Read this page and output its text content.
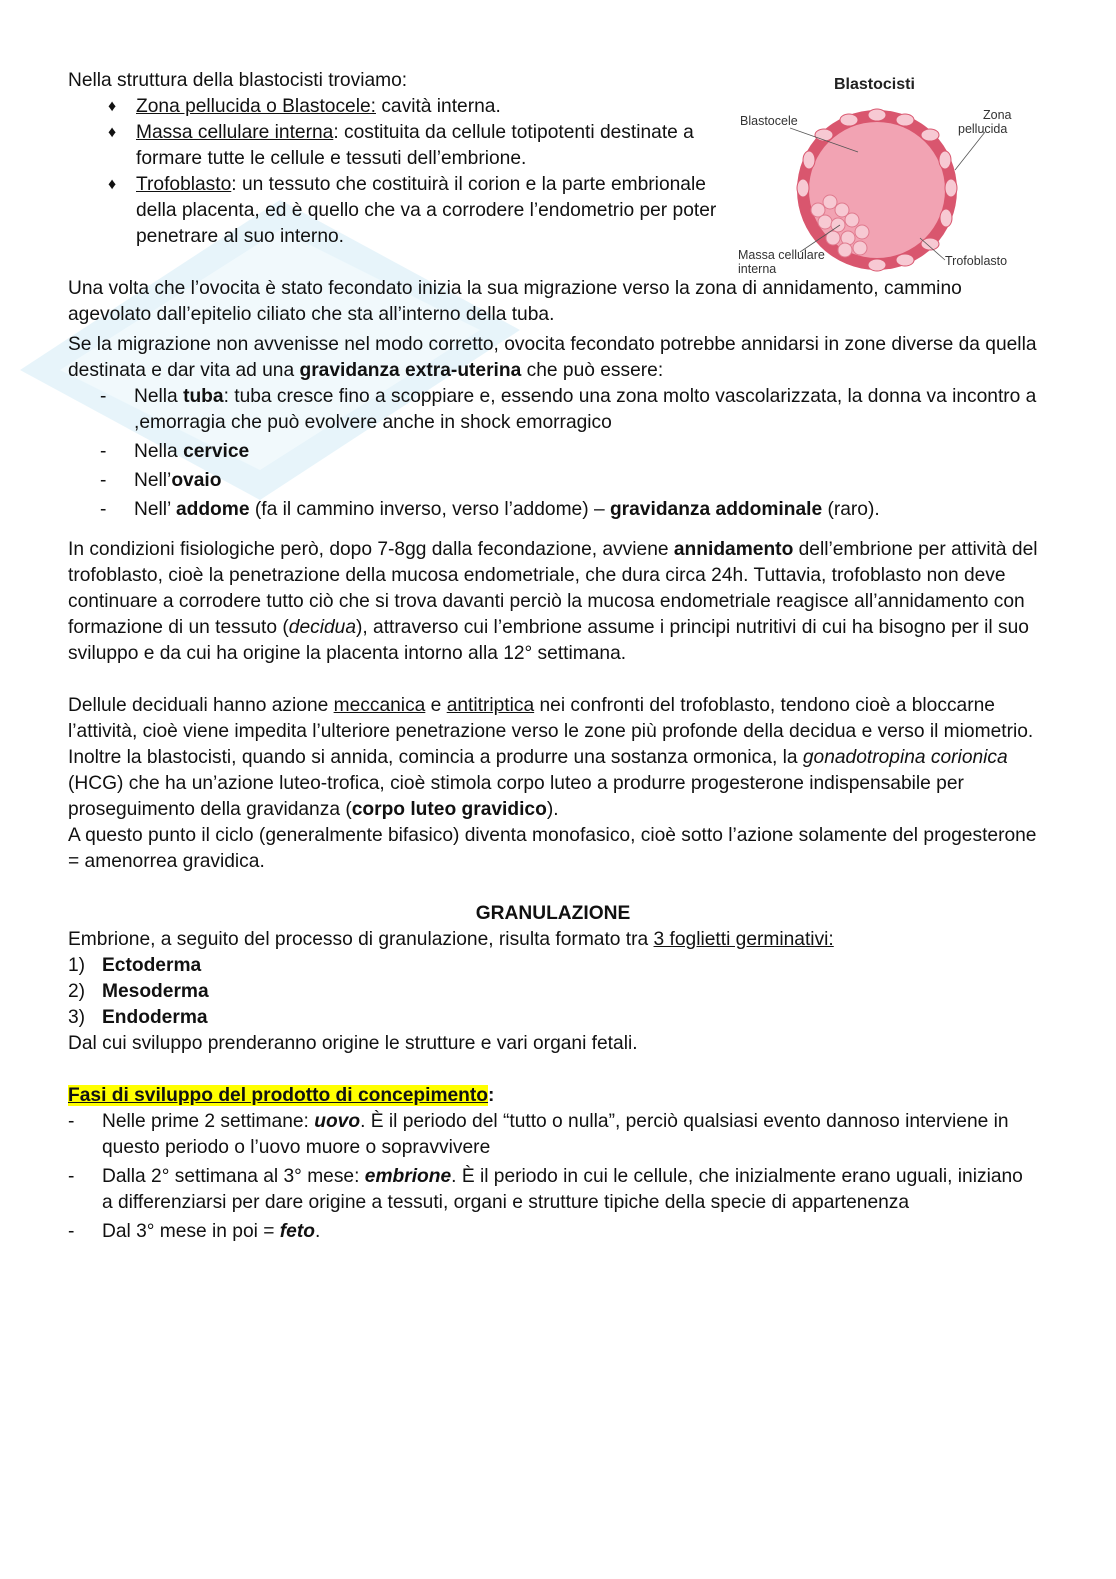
Blastocisti
Blastocele	Zona
pellucida
Massa cellulare
interna
Trofoblasto

Nella struttura della blastocisti troviamo:

♦ Zona pellucida o Blastocele: cavità interna.
♦ Massa cellulare interna: costituita da cellule totipotenti destinate a formare tutte le cellule e tessuti dell’embrione.
♦ Trofoblasto: un tessuto che costituirà il corion e la parte embrionale della placenta, ed è quello che va a corrodere l’endometrio per poter penetrare al suo interno.

Una volta che l’ovocita è stato fecondato inizia la sua migrazione verso la zona di annidamento, cammino agevolato dall’epitelio ciliato che sta all’interno della tuba.

Se la migrazione non avvenisse nel modo corretto, ovocita fecondato potrebbe annidarsi in zone diverse da quella destinata e dar vita ad una gravidanza extra-uterina che può essere:

- Nella tuba: tuba cresce fino a scoppiare e, essendo una zona molto vascolarizzata, la donna va incontro a ,emorragia che può evolvere anche in shock emorragico
- Nella cervice
- Nell’ovaio
- Nell’ addome (fa il cammino inverso, verso l’addome) – gravidanza addominale (raro).

In condizioni fisiologiche però, dopo 7-8gg dalla fecondazione, avviene annidamento dell’embrione per attività del trofoblasto, cioè la penetrazione della mucosa endometriale, che dura circa 24h. Tuttavia, trofoblasto non deve continuare a corrodere tutto ciò che si trova davanti perciò la mucosa endometriale reagisce all’annidamento con formazione di un tessuto (decidua), attraverso cui l’embrione assume i principi nutritivi di cui ha bisogno per il suo sviluppo e da cui ha origine la placenta intorno alla 12° settimana.

Dellule deciduali hanno azione meccanica e antitriptica nei confronti del trofoblasto, tendono cioè a bloccarne l’attività, cioè viene impedita l’ulteriore penetrazione verso le zone più profonde della decidua e verso il miometrio.

Inoltre la blastocisti, quando si annida, comincia a produrre una sostanza ormonica, la gonadotropina corionica (HCG) che ha un’azione luteo-trofica, cioè stimola corpo luteo a produrre progesterone indispensabile per proseguimento della gravidanza (corpo luteo gravidico).

A questo punto il ciclo (generalmente bifasico) diventa monofasico, cioè sotto l’azione solamente del progesterone = amenorrea gravidica.

GRANULAZIONE

Embrione, a seguito del processo di granulazione, risulta formato tra 3 foglietti germinativi:

1) Ectoderma
2) Mesoderma
3) Endoderma

Dal cui sviluppo prenderanno origine le strutture e vari organi fetali.

Fasi di sviluppo del prodotto di concepimento:

- Nelle prime 2 settimane: uovo. È il periodo del “tutto o nulla”, perciò qualsiasi evento dannoso interviene in questo periodo o l’uovo muore o sopravvivere
- Dalla 2° settimana al 3° mese: embrione. È il periodo in cui le cellule, che inizialmente erano uguali, iniziano a differenziarsi per dare origine a tessuti, organi e strutture tipiche della specie di appartenenza
- Dal 3° mese in poi = feto.
